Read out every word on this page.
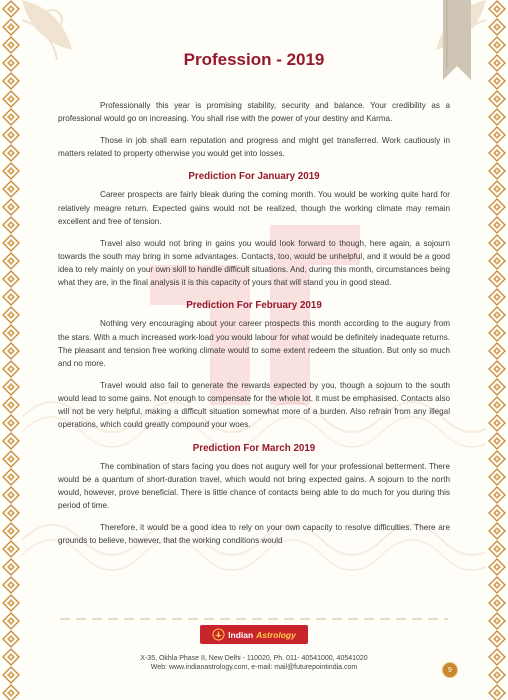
Profession - 2019

Professionally this year is promising stability, security and balance. Your credibility as a professional would go on increasing. You shall rise with the power of your destiny and Karma.

Those in job shall earn reputation and progress and might get transferred. Work cautiously in matters related to property otherwise you would get into losses.

Prediction For January 2019

Career prospects are fairly bleak during the coming month. You would be working quite hard for relatively meagre return. Expected gains would not be realized, though the working climate may remain excellent and free of tension.

Travel also would not bring in gains you would look forward to though, here again, a sojourn towards the south may bring in some advantages. Contacts, too, would be unhelpful, and it would be a good idea to rely mainly on your own skill to handle difficult situations. And, during this month, circumstances being what they are, in the final analysis it is this capacity of yours that will stand you in good stead.

Prediction For February 2019

Nothing very encouraging about your career prospects this month according to the augury from the stars. With a much increased work-load you would labour for what would be definitely inadequate returns. The pleasant and tension free working climate would to some extent redeem the situation. But only so much and no more.

Travel would also fail to generate the rewards expected by you, though a sojourn to the south would lead to some gains. Not enough to compensate for the whole lot, it must be emphasised. Contacts also will not be very helpful, making a difficult situation somewhat more of a burden. Also refrain from any illegal operations, which could greatly compound your woes.

Prediction For March 2019

The combination of stars facing you does not augury well for your professional betterment. There would be a quantum of short-duration travel, which would not bring expected gains. A sojourn to the north would, however, prove beneficial. There is little chance of contacts being able to do much for you during this period of time.

Therefore, it would be a good idea to rely on your own capacity to resolve difficulties. There are grounds to believe, however, that the working conditions would

Indian Astrology

X-35, Okhla Phase II, New Delhi - 110020, Ph. 011- 40541000, 40541020

Web: www.indianastrology.com, e-mail: mail@futurepointindia.com	9
